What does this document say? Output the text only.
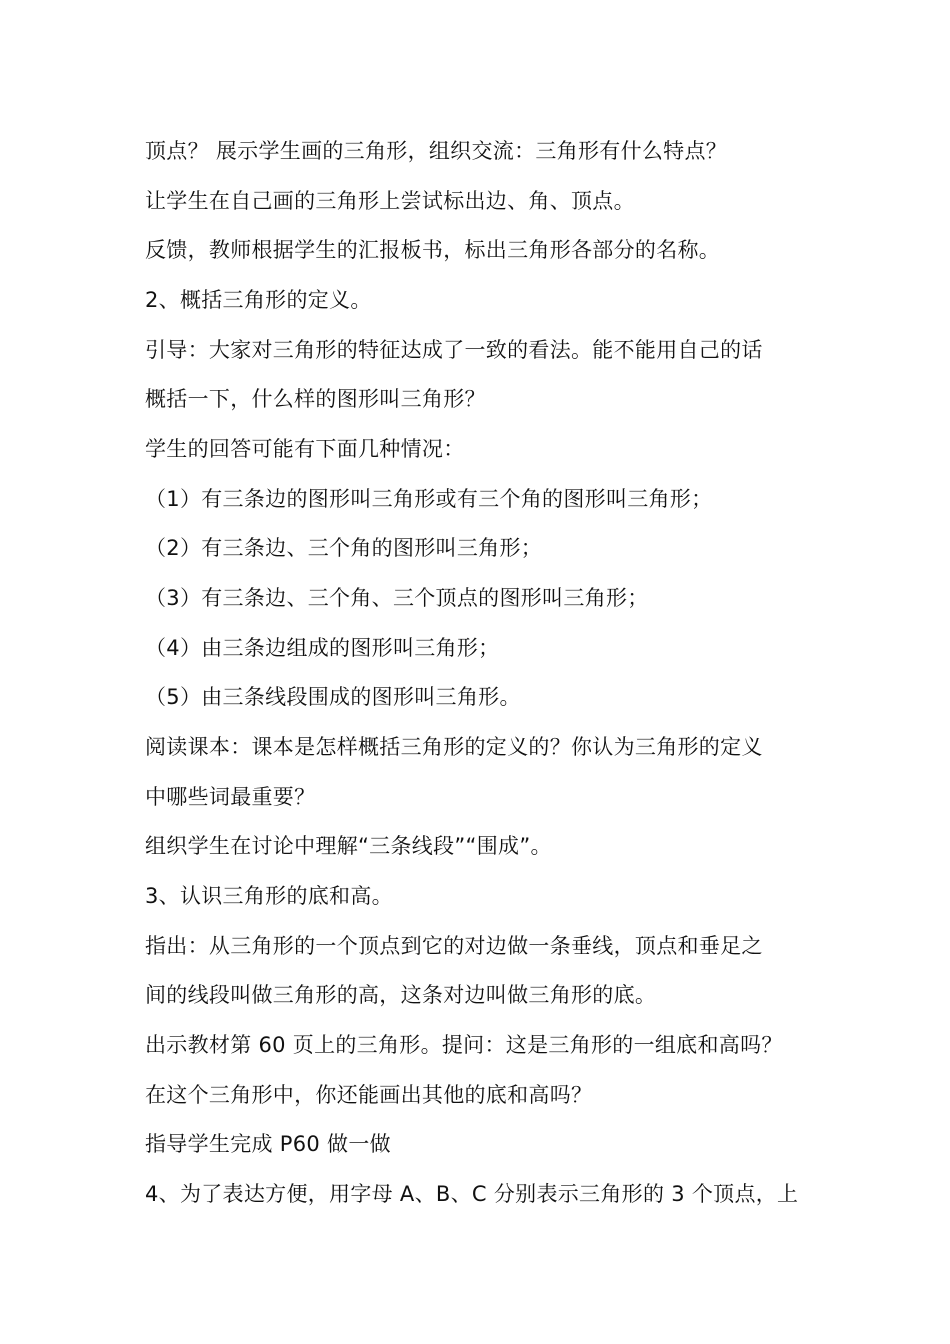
顶点？ 展示学生画的三角形，组织交流：三角形有什么特点？
让学生在自己画的三角形上尝试标出边、角、顶点。
反馈，教师根据学生的汇报板书，标出三角形各部分的名称。
2、概括三角形的定义。
引导：大家对三角形的特征达成了一致的看法。能不能用自己的话
概括一下，什么样的图形叫三角形？
学生的回答可能有下面几种情况：
（1）有三条边的图形叫三角形或有三个角的图形叫三角形；
（2）有三条边、三个角的图形叫三角形；
（3）有三条边、三个角、三个顶点的图形叫三角形；
（4）由三条边组成的图形叫三角形；
（5）由三条线段围成的图形叫三角形。
阅读课本：课本是怎样概括三角形的定义的？你认为三角形的定义
中哪些词最重要？
组织学生在讨论中理解“三条线段”“围成”。
3、认识三角形的底和高。
指出：从三角形的一个顶点到它的对边做一条垂线，顶点和垂足之
间的线段叫做三角形的高，这条对边叫做三角形的底。
出示教材第 60 页上的三角形。提问：这是三角形的一组底和高吗？
在这个三角形中，你还能画出其他的底和高吗？
指导学生完成 P60 做一做
4、为了表达方便，用字母 A、B、C 分别表示三角形的 3 个顶点，上
